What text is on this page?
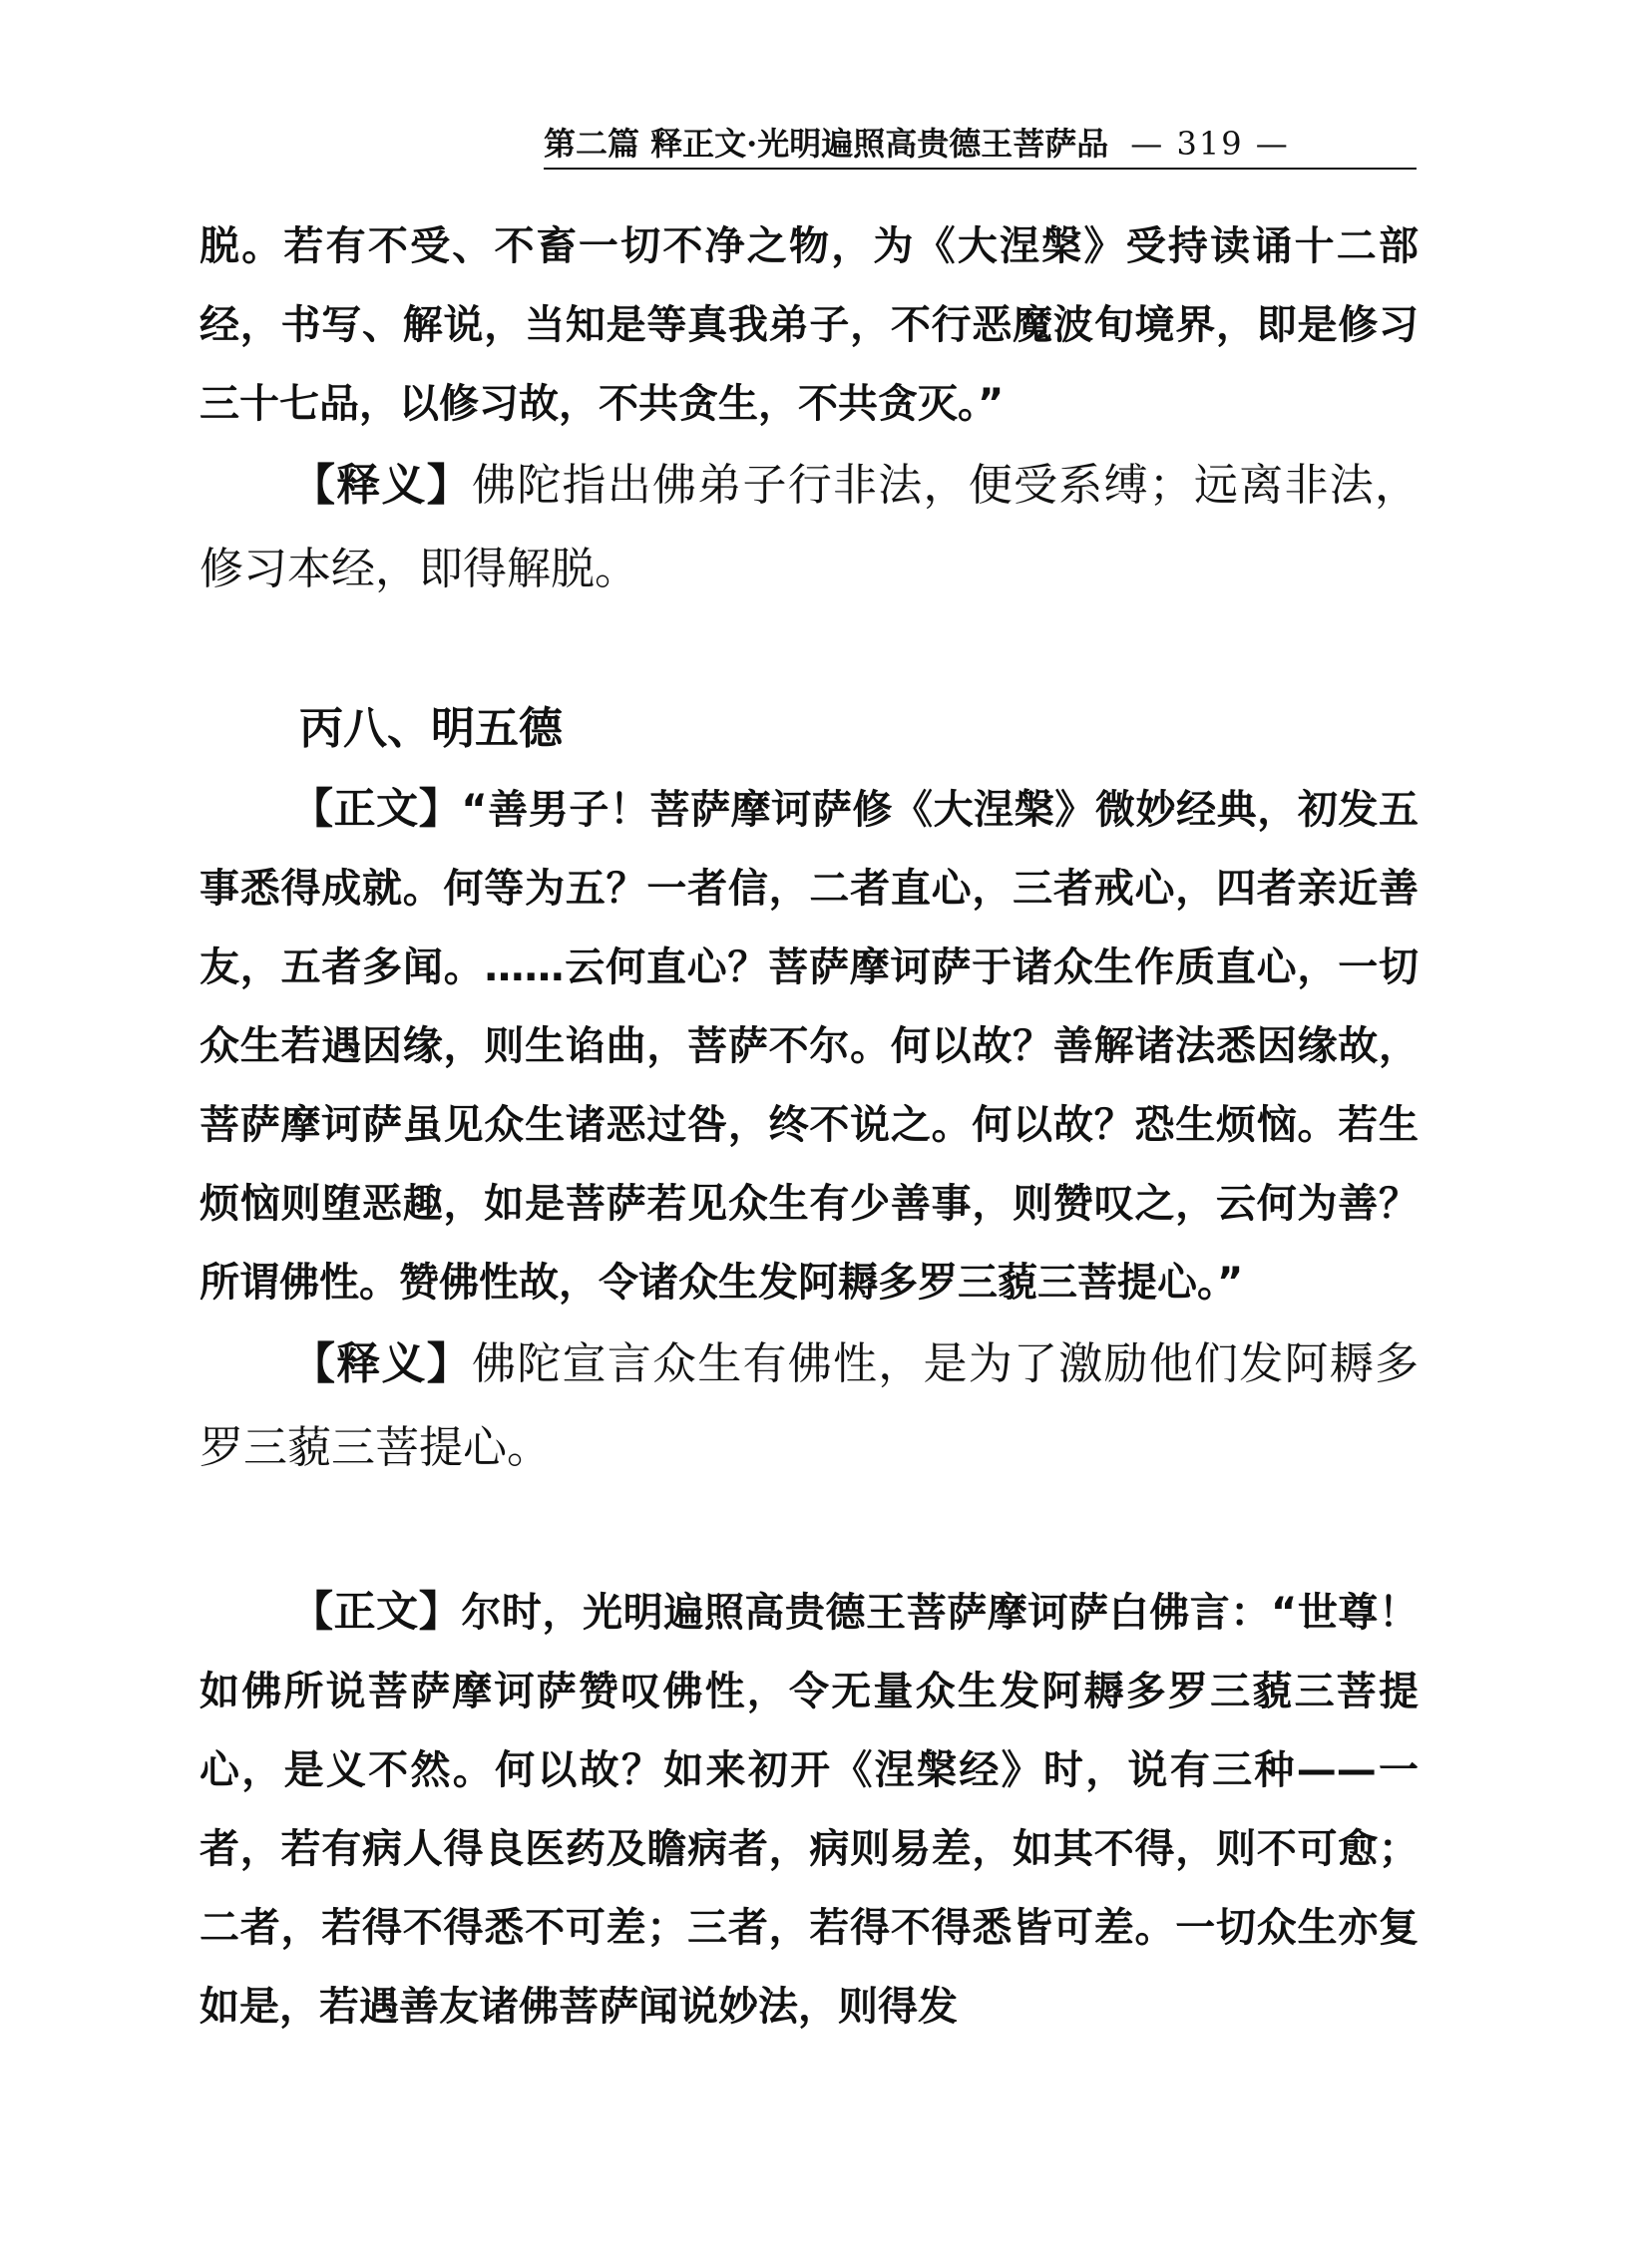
第二篇 释正文·光明遍照高贵德王菩萨品 — 319 —

脱。若有不受、不畜一切不净之物，为《大涅槃》受持读诵十二部经，书写、解说，当知是等真我弟子，不行恶魔波旬境界，即是修习三十七品，以修习故，不共贪生，不共贪灭。”

【释义】佛陀指出佛弟子行非法，便受系缚；远离非法，修习本经，即得解脱。

丙八、明五德

【正文】“善男子！菩萨摩诃萨修《大涅槃》微妙经典，初发五事悉得成就。何等为五？一者信，二者直心，三者戒心，四者亲近善友，五者多闻。……云何直心？菩萨摩诃萨于诸众生作质直心，一切众生若遇因缘，则生谄曲，菩萨不尔。何以故？善解诸法悉因缘故，菩萨摩诃萨虽见众生诸恶过咎，终不说之。何以故？恐生烦恼。若生烦恼则堕恶趣，如是菩萨若见众生有少善事，则赞叹之，云何为善？所谓佛性。赞佛性故，令诸众生发阿耨多罗三藐三菩提心。”

【释义】佛陀宣言众生有佛性，是为了激励他们发阿耨多罗三藐三菩提心。

【正文】尔时，光明遍照高贵德王菩萨摩诃萨白佛言：“世尊！如佛所说菩萨摩诃萨赞叹佛性，令无量众生发阿耨多罗三藐三菩提心，是义不然。何以故？如来初开《涅槃经》时，说有三种——一者，若有病人得良医药及瞻病者，病则易差，如其不得，则不可愈；二者，若得不得悉不可差；三者，若得不得悉皆可差。一切众生亦复如是，若遇善友诸佛菩萨闻说妙法，则得发
